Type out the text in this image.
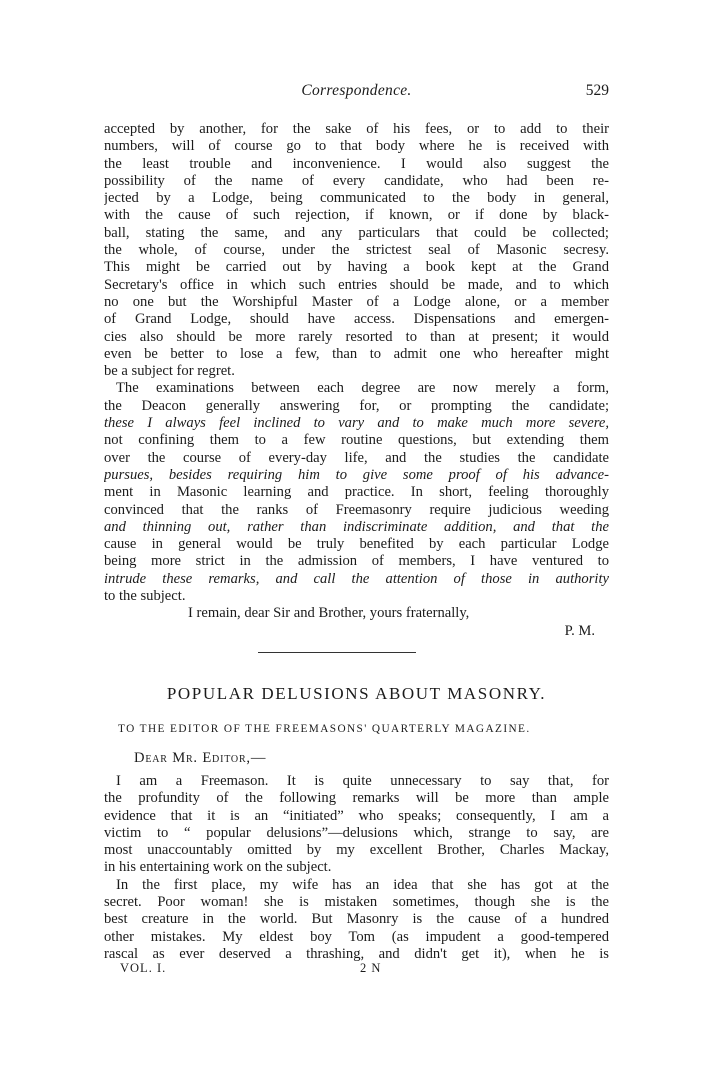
Correspondence.	529
accepted by another, for the sake of his fees, or to add to their
numbers, will of course go to that body where he is received with
the least trouble and inconvenience. I would also suggest the
possibility of the name of every candidate, who had been re-
jected by a Lodge, being communicated to the body in general,
with the cause of such rejection, if known, or if done by black-
ball, stating the same, and any particulars that could be collected;
the whole, of course, under the strictest seal of Masonic secresy.
This might be carried out by having a book kept at the Grand
Secretary's office in which such entries should be made, and to which
no one but the Worshipful Master of a Lodge alone, or a member
of Grand Lodge, should have access. Dispensations and emergen-
cies also should be more rarely resorted to than at present; it would
even be better to lose a few, than to admit one who hereafter might
be a subject for regret.
The examinations between each degree are now merely a form,
the Deacon generally answering for, or prompting the candidate;
these I always feel inclined to vary and to make much more severe,
not confining them to a few routine questions, but extending them
over the course of every-day life, and the studies the candidate
pursues, besides requiring him to give some proof of his advance-
ment in Masonic learning and practice. In short, feeling thoroughly
convinced that the ranks of Freemasonry require judicious weeding
and thinning out, rather than indiscriminate addition, and that the
cause in general would be truly benefited by each particular Lodge
being more strict in the admission of members, I have ventured to
intrude these remarks, and call the attention of those in authority
to the subject.
I remain, dear Sir and Brother, yours fraternally,
P. M.
POPULAR DELUSIONS ABOUT MASONRY.
TO THE EDITOR OF THE FREEMASONS' QUARTERLY MAGAZINE.
Dear Mr. Editor,—
I am a Freemason. It is quite unnecessary to say that, for
the profundity of the following remarks will be more than ample
evidence that it is an “initiated” who speaks; consequently, I am a
victim to “ popular delusions”—delusions which, strange to say, are
most unaccountably omitted by my excellent Brother, Charles Mackay,
in his entertaining work on the subject.
In the first place, my wife has an idea that she has got at the
secret. Poor woman! she is mistaken sometimes, though she is the
best creature in the world. But Masonry is the cause of a hundred
other mistakes. My eldest boy Tom (as impudent a good-tempered
rascal as ever deserved a thrashing, and didn't get it), when he is
VOL. I.	2 N
